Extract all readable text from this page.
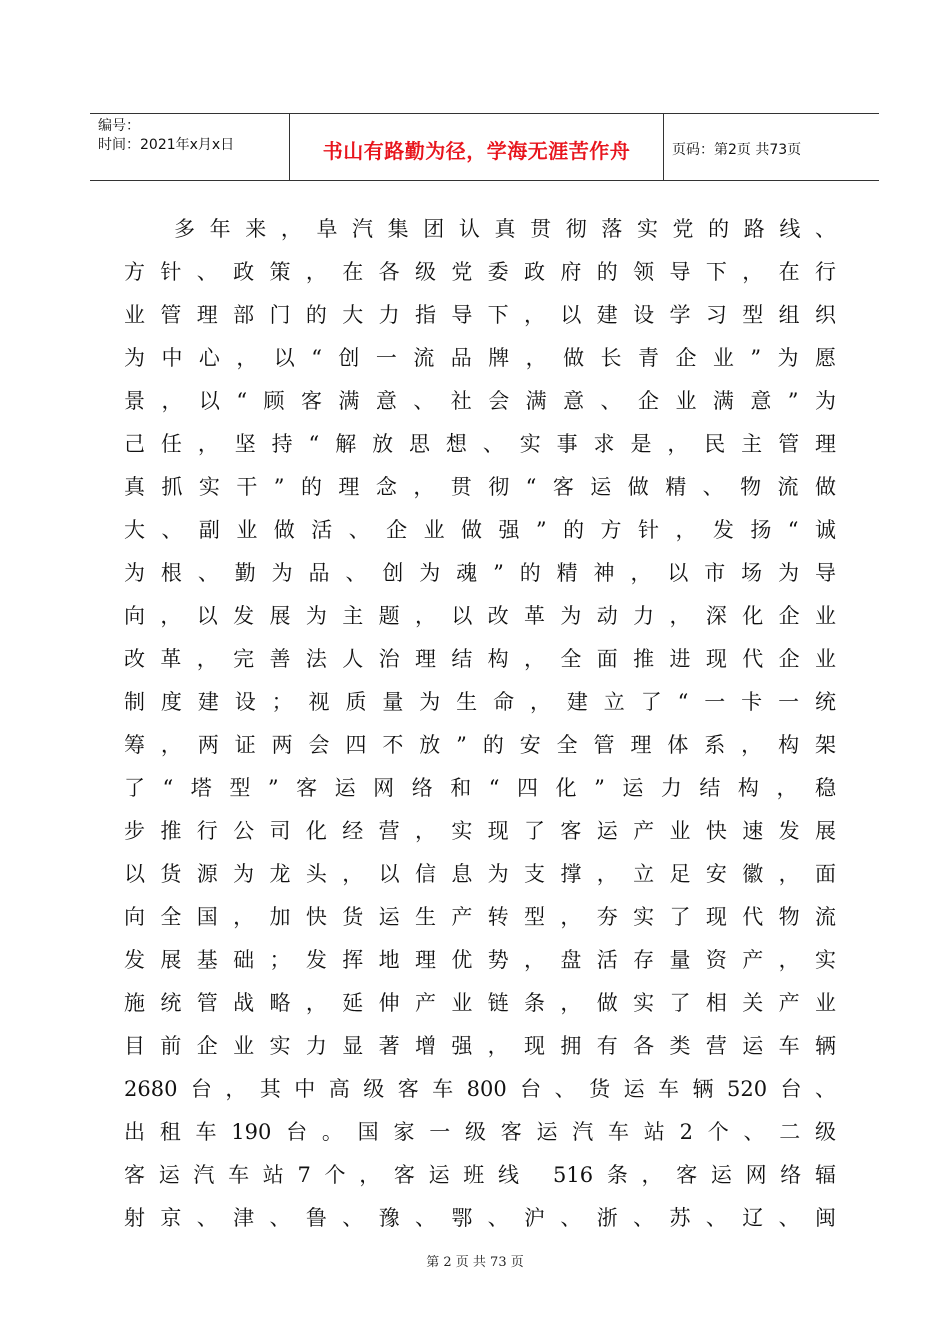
编号：
时间：2021年x月x日	书山有路勤为径，学海无涯苦作舟	页码：第2页 共73页
多年来，阜汽集团认真贯彻落实党的路线、
方针、政策，在各级党委政府的领导下，在行
业管理部门的大力指导下，以建设学习型组织
为中心，以“创一流品牌，做长青企业”为愿
景，以“顾客满意、社会满意、企业满意”为
己任，坚持“解放思想、实事求是，民主管理
真抓实干”的理念，贯彻“客运做精、物流做
大、副业做活、企业做强”的方针，发扬“诚
为根、勤为品、创为魂”的精神，以市场为导
向，以发展为主题，以改革为动力，深化企业
改革，完善法人治理结构，全面推进现代企业
制度建设；视质量为生命，建立了“一卡一统
筹，两证两会四不放”的安全管理体系，构架
了“塔型”客运网络和“四化”运力结构，稳
步推行公司化经营，实现了客运产业快速发展
以货源为龙头，以信息为支撑，立足安徽，面
向全国，加快货运生产转型，夯实了现代物流
发展基础；发挥地理优势，盘活存量资产，实
施统管战略，延伸产业链条，做实了相关产业
目前企业实力显著增强，现拥有各类营运车辆
2680台，其中高级客车800台、货运车辆520台、
出租车190台。国家一级客运汽车站2个、二级
客运汽车站7个，客运班线 516条，客运网络辐
射京、津、鲁、豫、鄂、沪、浙、苏、辽、闽
第 2 页 共 73 页
